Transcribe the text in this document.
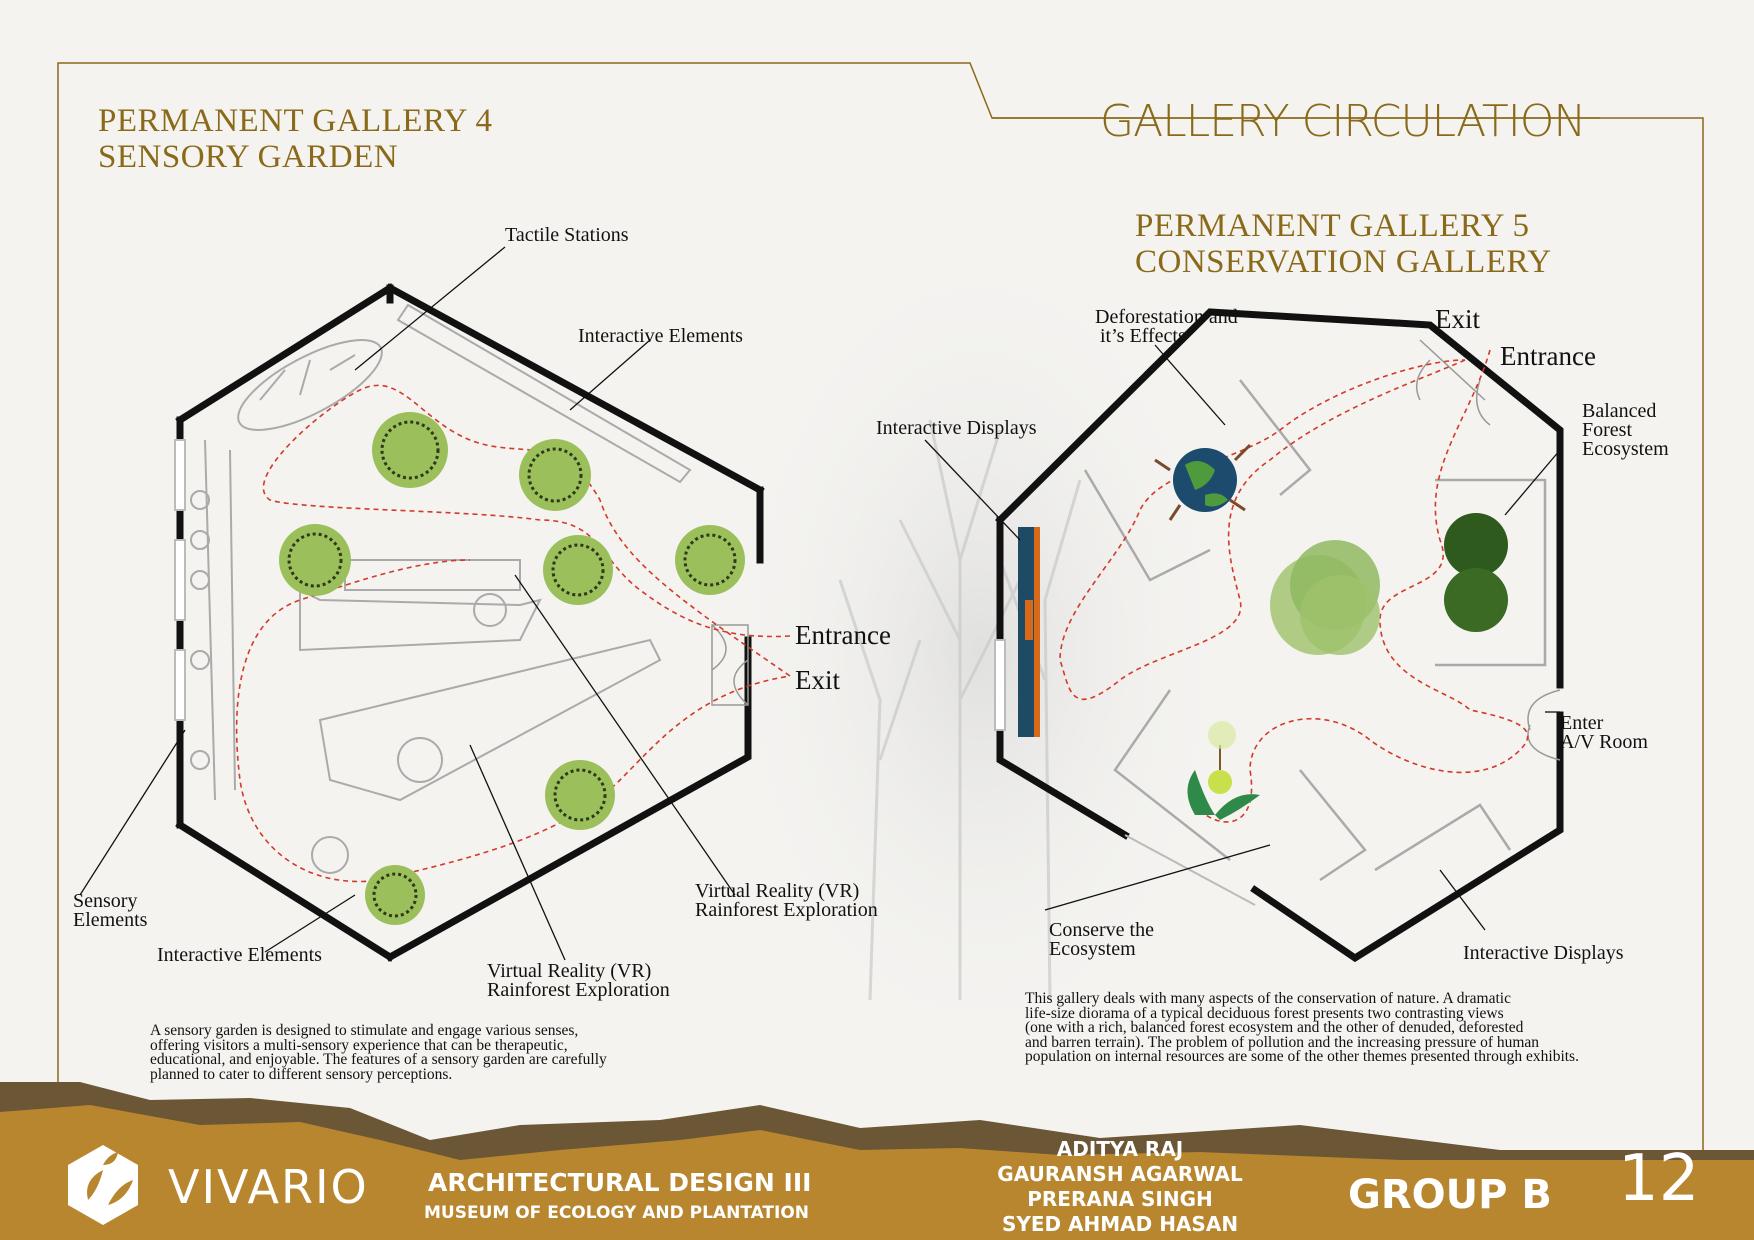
GALLERY CIRCULATION
PERMANENT GALLERY 4
SENSORY GARDEN
PERMANENT GALLERY 5
CONSERVATION GALLERY
Tactile Stations
Interactive Elements
Entrance
Exit
Virtual Reality (VR)
Rainforest Exploration
Virtual Reality (VR)
Rainforest Exploration
Sensory
Elements
Interactive Elements
A sensory garden is designed to stimulate and engage various senses,
offering visitors a multi-sensory experience that can be therapeutic,
educational, and enjoyable. The features of a sensory garden are carefully
planned to cater to different sensory perceptions.
Deforestation and
it’s Effects
Exit
Entrance
Interactive Displays
Balanced
Forest
Ecosystem
Enter
A/V Room
Conserve the
Ecosystem	Interactive Displays
This gallery deals with many aspects of the conservation of nature. A dramatic
life-size diorama of a typical deciduous forest presents two contrasting views
(one with a rich, balanced forest ecosystem and the other of denuded, deforested
and barren terrain). The problem of pollution and the increasing pressure of human
population on internal resources are some of the other themes presented through exhibits.
VIVARIO ARCHITECTURAL DESIGN III
MUSEUM OF ECOLOGY AND PLANTATION
ADITYA RAJ
GAURANSH AGARWAL
PRERANA SINGH
SYED AHMAD HASAN
GROUP B 12
